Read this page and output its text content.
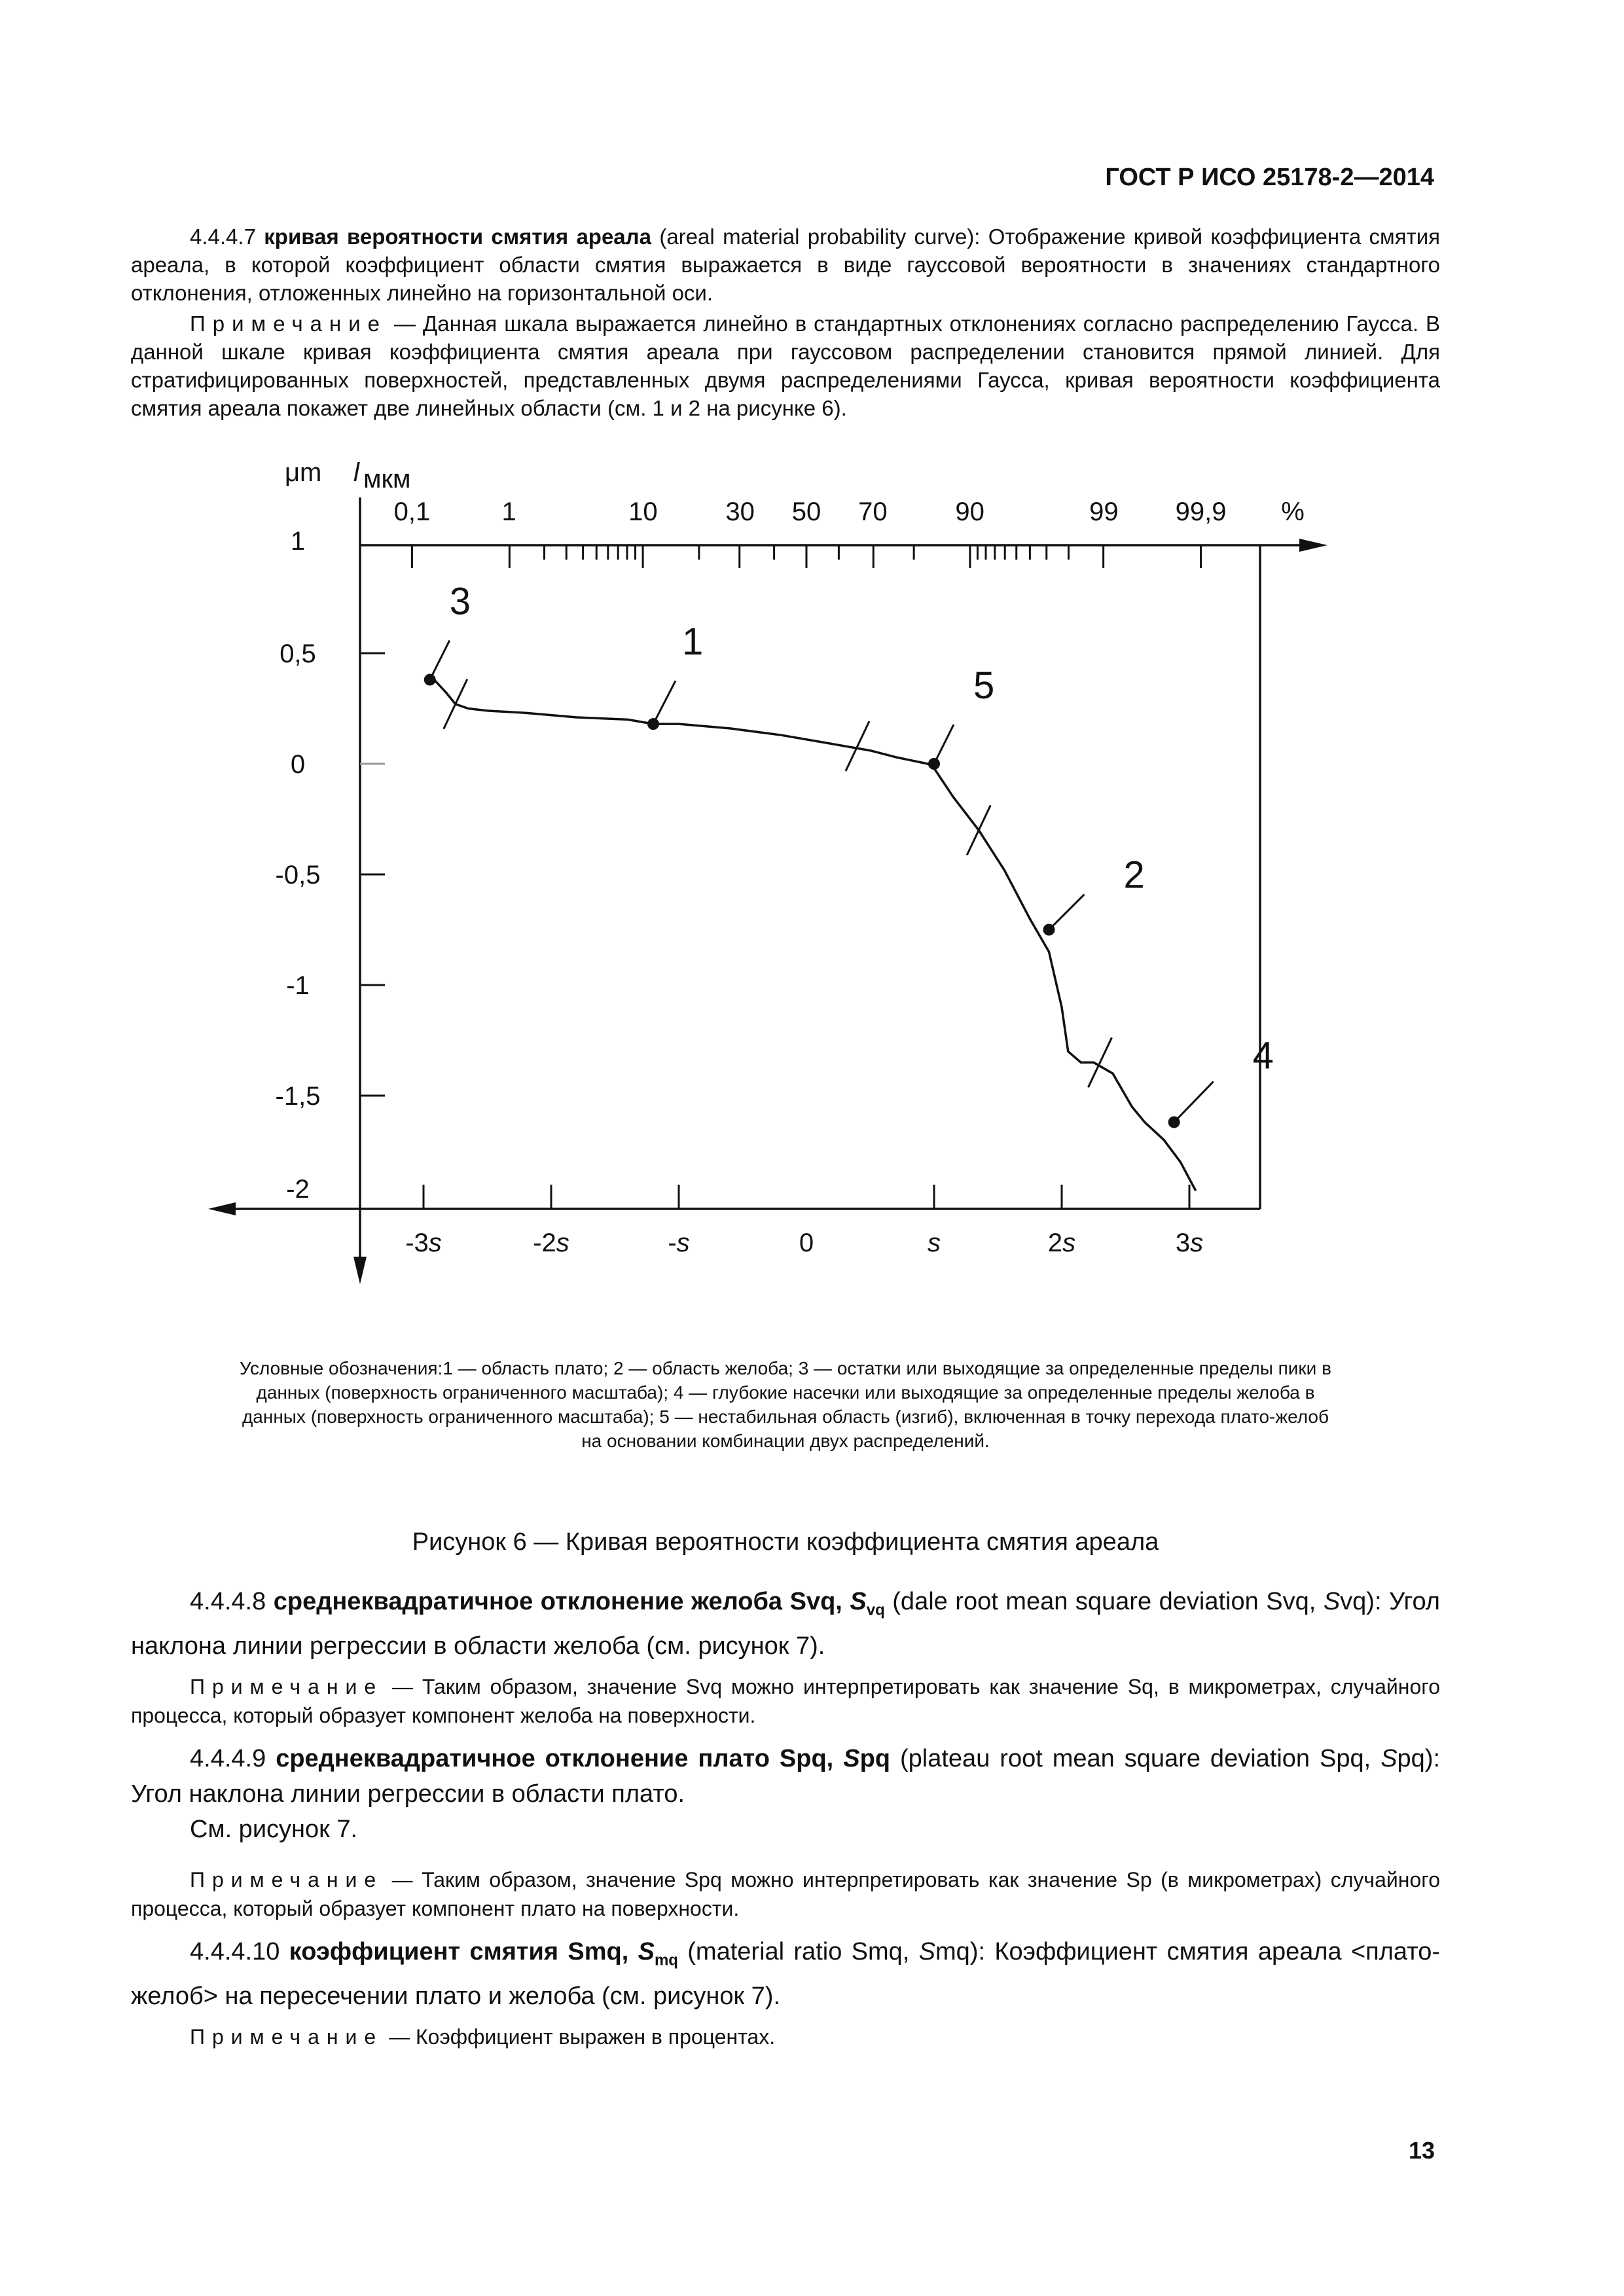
ГОСТ Р ИСО 25178-2—2014
4.4.4.7 кривая вероятности смятия ареала (areal material probability curve): Отображение кривой коэффициента смятия ареала, в которой коэффициент области смятия выражается в виде гауссовой вероятности в значениях стандартного отклонения, отложенных линейно на горизонтальной оси.
Примечание — Данная шкала выражается линейно в стандартных отклонениях согласно распределению Гаусса. В данной шкале кривая коэффициента смятия ареала при гауссовом распределении становится прямой линией. Для стратифицированных поверхностей, представленных двумя распределениями Гаусса, кривая вероятности коэффициента смятия ареала покажет две линейных области (см. 1 и 2 на рисунке 6).
1
0,5
0
-0,5
-1
-1,5
-2
-3s	-2s	-s	0	s	2s	3s
0,1	1	10	30 50 70	90	99 99,9 %
μm l мкм
1
2
3
4
5
Условные обозначения:1 — область плато; 2 — область желоба; 3 — остатки или выходящие за определенные пределы пики в
данных (поверхность ограниченного масштаба); 4 — глубокие насечки или выходящие за определенные пределы желоба в
данных (поверхность ограниченного масштаба); 5 — нестабильная область (изгиб), включенная в точку перехода плато-желоб
на основании комбинации двух распределений.
Рисунок 6 — Кривая вероятности коэффициента смятия ареала
4.4.4.8 среднеквадратичное отклонение желоба Svq, $S_{vq}$ (dale root mean square deviation Svq, Svq): Угол наклона линии регрессии в области желоба (см. рисунок 7).
Примечание — Таким образом, значение Svq можно интерпретировать как значение Sq, в микрометрах, случайного процесса, который образует компонент желоба на поверхности.
4.4.4.9 среднеквадратичное отклонение плато Spq, Spq (plateau root mean square deviation Spq, Spq): Угол наклона линии регрессии в области плато.
См. рисунок 7.
Примечание — Таким образом, значение Spq можно интерпретировать как значение Sp (в микрометрах) случайного процесса, который образует компонент плато на поверхности.
4.4.4.10 коэффициент смятия Smq, $S_{mq}$ (material ratio Smq, Smq): Коэффициент смятия ареала <плато-желоб> на пересечении плато и желоба (см. рисунок 7).
Примечание — Коэффициент выражен в процентах.
13
